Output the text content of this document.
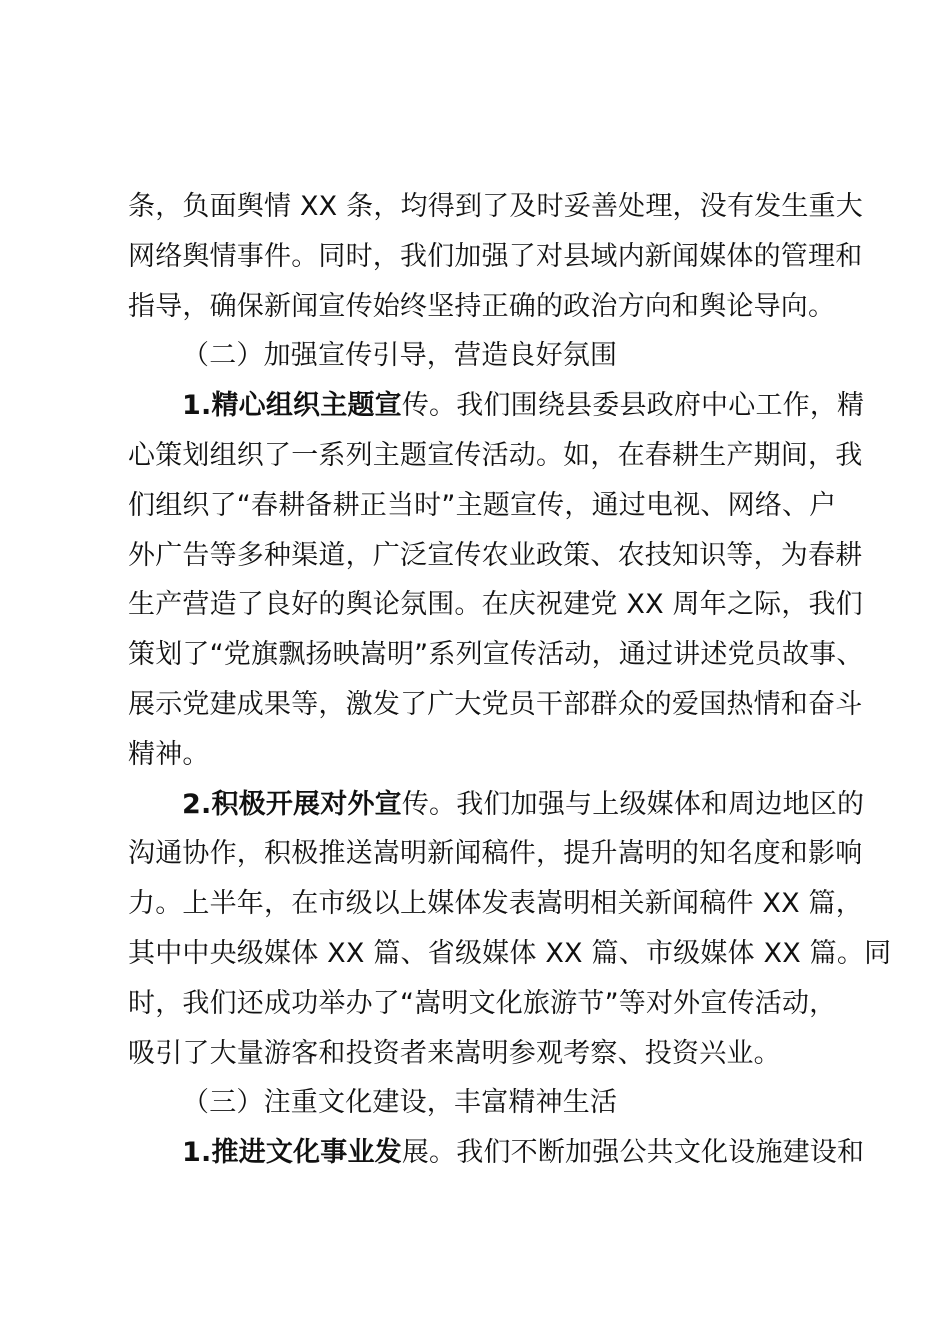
条，负面舆情 XX 条，均得到了及时妥善处理，没有发生重大
网络舆情事件。同时，我们加强了对县域内新闻媒体的管理和
指导，确保新闻宣传始终坚持正确的政治方向和舆论导向。
（二）加强宣传引导，营造良好氛围
1.精心组织主题宣传。我们围绕县委县政府中心工作，精
心策划组织了一系列主题宣传活动。如，在春耕生产期间，我
们组织了“春耕备耕正当时”主题宣传，通过电视、网络、户
外广告等多种渠道，广泛宣传农业政策、农技知识等，为春耕
生产营造了良好的舆论氛围。在庆祝建党 XX 周年之际，我们
策划了“党旗飘扬映嵩明”系列宣传活动，通过讲述党员故事、
展示党建成果等，激发了广大党员干部群众的爱国热情和奋斗
精神。
2.积极开展对外宣传。我们加强与上级媒体和周边地区的
沟通协作，积极推送嵩明新闻稿件，提升嵩明的知名度和影响
力。上半年，在市级以上媒体发表嵩明相关新闻稿件 XX 篇，
其中中央级媒体 XX 篇、省级媒体 XX 篇、市级媒体 XX 篇。同
时，我们还成功举办了“嵩明文化旅游节”等对外宣传活动，
吸引了大量游客和投资者来嵩明参观考察、投资兴业。
（三）注重文化建设，丰富精神生活
1.推进文化事业发展。我们不断加强公共文化设施建设和
